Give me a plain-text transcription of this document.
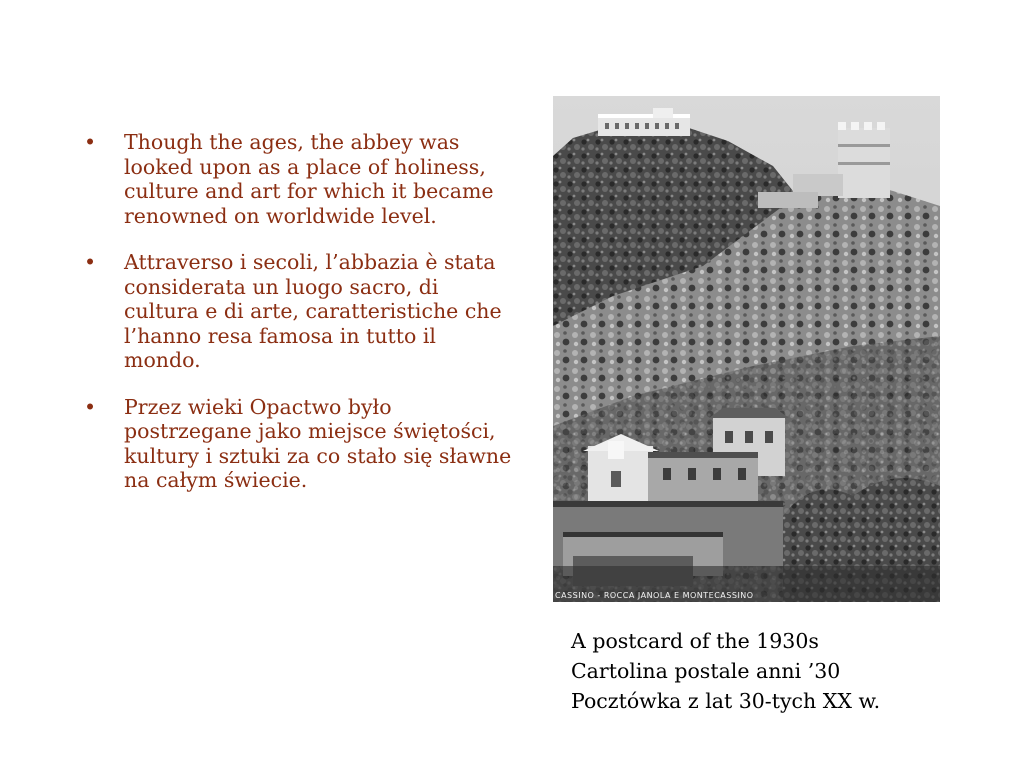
• Though the ages, the abbey was looked upon as a place of holiness, culture and art for which it became renowned on worldwide level.
• Attraverso i secoli, l’abbazia è stata considerata un luogo sacro, di cultura e di arte, caratteristiche che l’hanno resa famosa in tutto il mondo.
• Przez wieki Opactwo było postrzegane jako miejsce świętości, kultury i sztuki za co stało się sławne na całym świecie.
CASSINO - ROCCA JANOLA E MONTECASSINO
A postcard of the 1930s
Cartolina postale anni ’30
Pocztówka z lat 30-tych XX w.
